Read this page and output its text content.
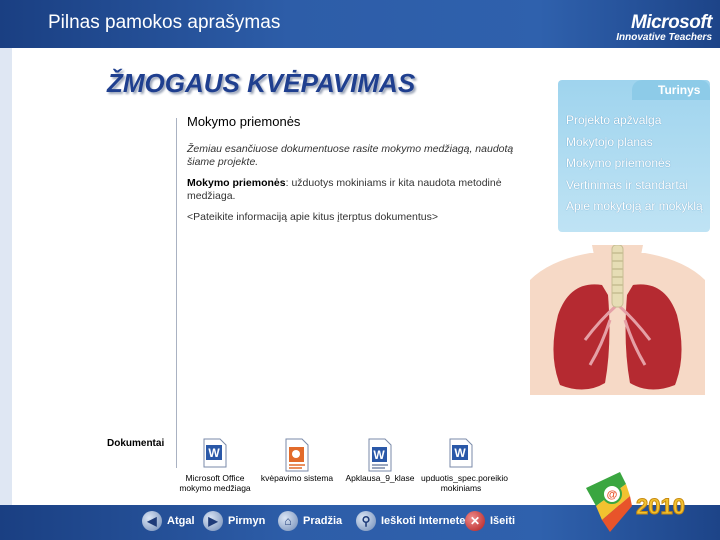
Pilnas pamokos aprašymas	Microsoft
Innovative Teachers
ŽMOGAUS KVĖPAVIMAS
Mokymo priemonės
Žemiau esančiuose dokumentuose rasite mokymo medžiagą, naudotą šiame projekte.
Mokymo priemonės: užduotys mokiniams ir kita naudota metodinė medžiaga.
<Pateikite informaciją apie kitus įterptus dokumentus>
Turinys
Projekto apžvalga
Mokytojo planas
Mokymo priemonės
Vertinimas ir standartai
Apie mokytoją ar mokyklą
Dokumentai
W
Microsoft Office mokymo medžiaga
kvėpavimo sistema
W
Apklausa_9_klase
W
upduotis_spec.poreikio mokiniams
◀ Atgal	▶ Pirmyn	⌂	Pradžia	⚲ Ieškoti Internete ✕ Išeiti
@ 2010
